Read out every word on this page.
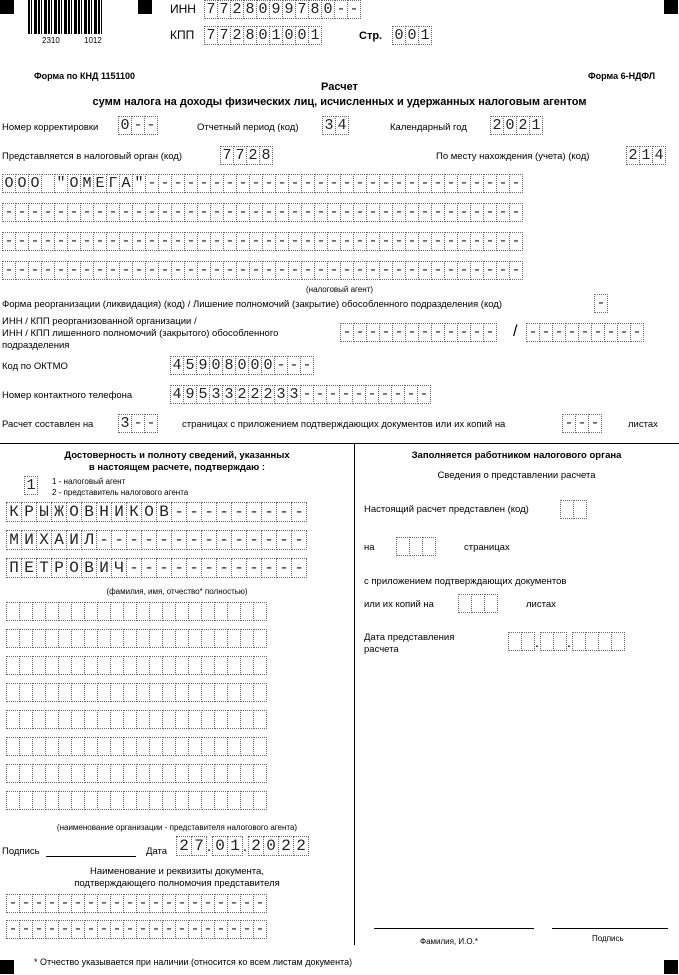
2310	1012
ИНН 7 7 2 8 0 9 9 7 8 0 - -
КПП 7 7 2 8 0 1 0 0 1	Стр. 0 0 1
Форма по КНД 1151100	Форма 6-НДФЛ
Расчет
сумм налога на доходы физических лиц, исчисленных и удержанных налоговым агентом
Номер корректировки 0 - -	Отчетный период (код) 3 4	Календарный год 2 0 2 1
Представляется в налоговый орган (код)	7 7 2 8	По месту нахождения (учета) (код)	2 1 4
О О О " О М Е Г А " - - - - - - - - - - - - - - - - - - - - - - - - - - - - -
- - - - - - - - - - - - - - - - - - - - - - - - - - - - - - - - - - - - - - - -
- - - - - - - - - - - - - - - - - - - - - - - - - - - - - - - - - - - - - - - -
- - - - - - - - - - - - - - - - - - - - - - - - - - - - - - - - - - - - - - - -
(налоговый агент)
Форма реорганизации (ликвидация) (код) / Лишение полномочий (закрытие) обособленного подразделения (код)	-
ИНН / КПП реорганизованной организации /
ИНН / КПП лишенного полномочий (закрытого) обособленного
подразделения
- - - - - - - - - - - - / - - - - - - - - -
Код по ОКТМО	4 5 9 0 8 0 0 0 - - -
Номер контактного телефона	4 9 5 3 3 2 2 2 3 3 - - - - - - - - - -
Расчет составлен на 3 - -	страницах с приложением подтверждающих документов или их копий на	- - -	листах
Достоверность и полноту сведений, указанных
в настоящем расчете, подтверждаю :
1	1 - налоговый агент
2 - представитель налогового агента
К Р Ы Ж О В Н И К О В - - - - - - - - -
М И Х А И Л - - - - - - - - - - - - - -
П Е Т Р О В И Ч - - - - - - - - - - - -
(фамилия, имя, отчество* полностью)
(наименование организации - представителя налогового агента)
Подпись	Дата 2 7 . 0 1 . 2 0 2 2
Наименование и реквизиты документа,
подтверждающего полномочия представителя
- - - - - - - - - - - - - - - - - - - -
- - - - - - - - - - - - - - - - - - - -
Заполняется работником налогового органа
Сведения о представлении расчета
Настоящий расчет представлен (код)
на	страницах
с приложением подтверждающих документов
или их копий на	листах
Дата представления
расчета	. .
Фамилия, И.О.*	Подпись
* Отчество указывается при наличии (относится ко всем листам документа)
